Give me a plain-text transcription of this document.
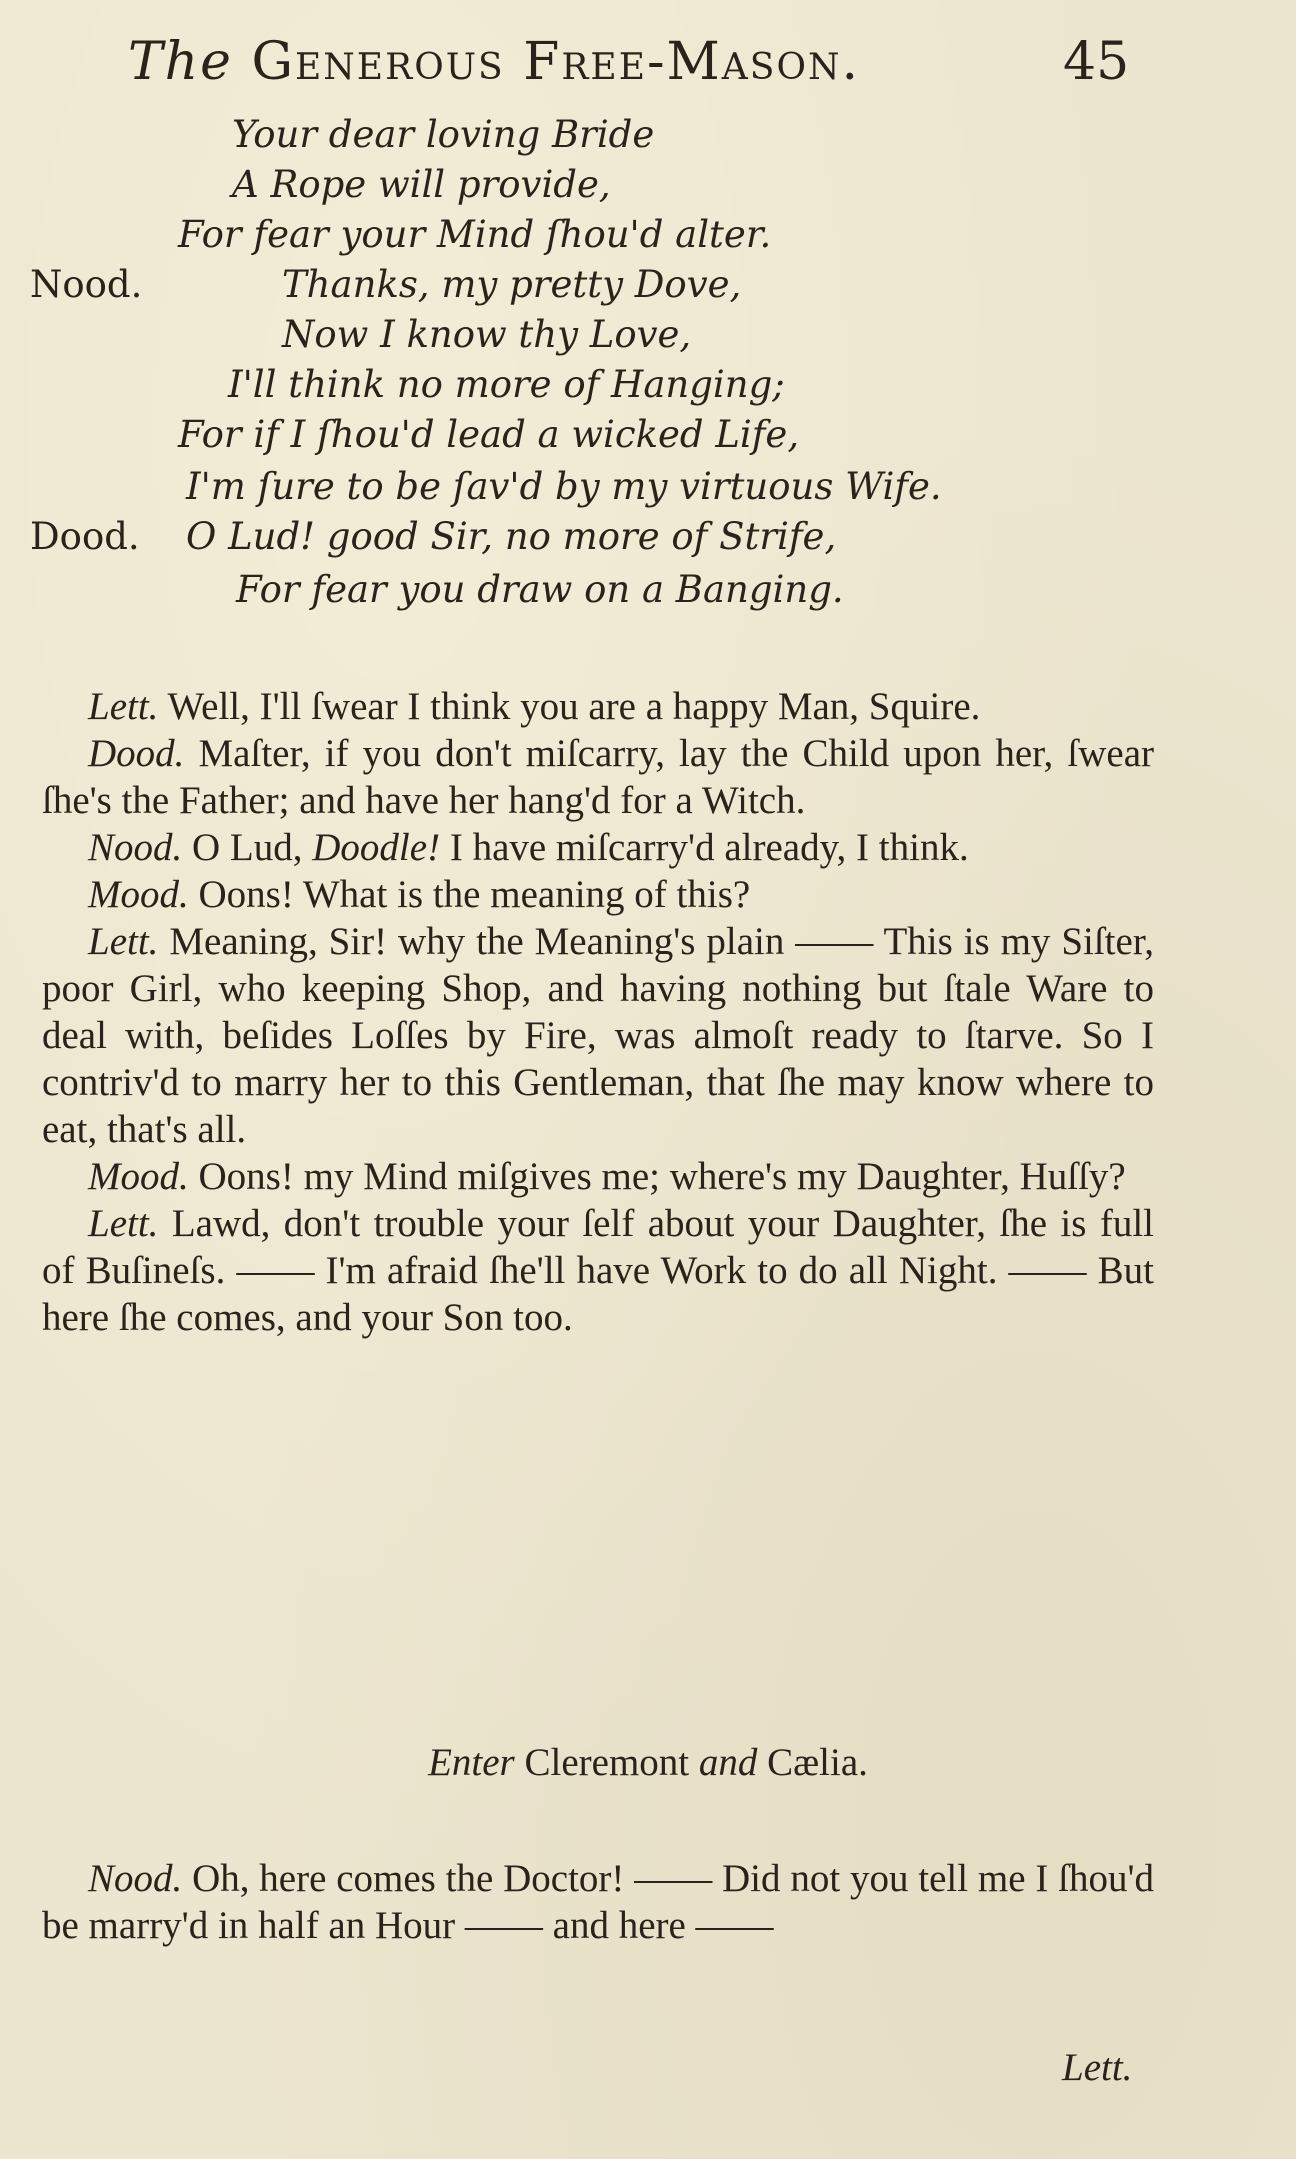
The Generous Free-Mason.	45
Your dear loving Bride
A Rope will provide,
For fear your Mind ſhou'd alter.
Nood.	Thanks, my pretty Dove,
Now I know thy Love,
I'll think no more of Hanging;
For if I ſhou'd lead a wicked Life,
I'm ſure to be ſav'd by my virtuous Wife.
Dood. O Lud! good Sir, no more of Strife,
For fear you draw on a Banging.

Lett. Well, I'll ſwear I think you are a happy Man, Squire.

Dood. Maſter, if you don't miſcarry, lay the Child upon her, ſwear ſhe's the Father; and have her hang'd for a Witch.

Nood. O Lud, Doodle! I have miſcarry'd already, I think.

Mood. Oons! What is the meaning of this?

Lett. Meaning, Sir! why the Meaning's plain —— This is my Siſter, poor Girl, who keeping Shop, and having nothing but ſtale Ware to deal with, beſides Loſſes by Fire, was almoſt ready to ſtarve. So I contriv'd to marry her to this Gentleman, that ſhe may know where to eat, that's all.

Mood. Oons! my Mind miſgives me; where's my Daughter, Huſſy?

Lett. Lawd, don't trouble your ſelf about your Daughter, ſhe is full of Buſineſs. —— I'm afraid ſhe'll have Work to do all Night. —— But here ſhe comes, and your Son too.

Enter Cleremont and Cælia.

Nood. Oh, here comes the Doctor! —— Did not you tell me I ſhou'd be marry'd in half an Hour —— and here ——

Lett.
